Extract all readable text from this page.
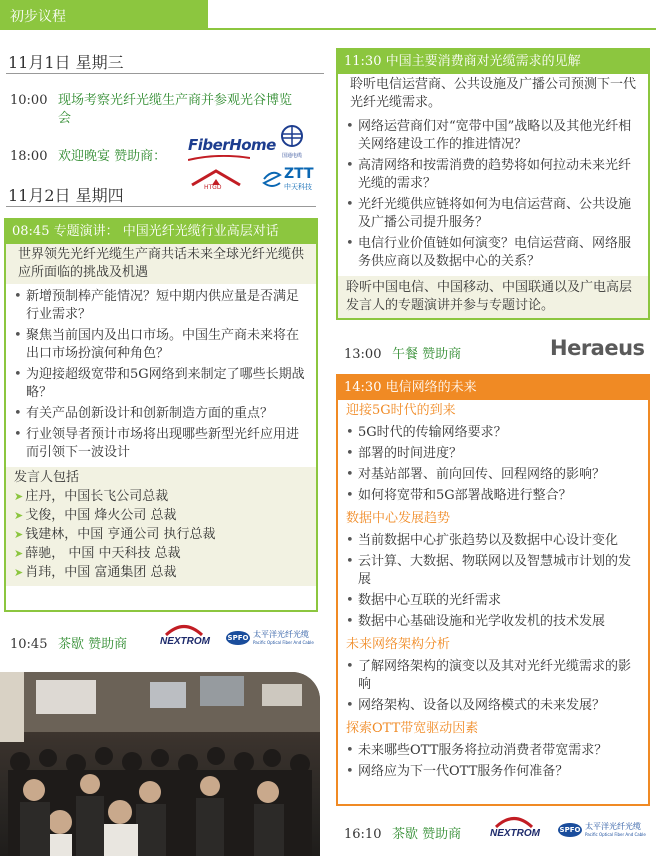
初步议程
11月1日 星期三
10:00 现场考察光纤光缆生产商并参观光谷博览会
18:00 欢迎晚宴 赞助商：
FiberHome
国通电缆
HTGD
ZTT
中天科技
11月2日 星期四
08:45 专题演讲： 中国光纤光缆行业高层对话
世界领先光纤光缆生产商共话未来全球光纤光缆供应所面临的挑战及机遇
• 新增预制棒产能情况？短中期内供应量是否满足行业需求？
• 聚焦当前国内及出口市场。中国生产商未来将在出口市场扮演何种角色？
• 为迎接超级宽带和5G网络到来制定了哪些长期战略？
• 有关产品创新设计和创新制造方面的重点？
• 行业领导者预计市场将出现哪些新型光纤应用进而引领下一波设计
发言人包括
➤ 庄丹，中国长飞公司总裁
➤ 戈俊，中国 烽火公司 总裁
➤ 钱建林，中国 亨通公司 执行总裁
➤ 薛驰， 中国 中天科技 总裁
➤ 肖玮，中国 富通集团 总裁
10:45 茶歇 赞助商	NEXTROM	SPFO 太平洋光纤光缆
Pacific Optical Fiber And Cable
11:30 中国主要消费商对光缆需求的见解
聆听电信运营商、公共设施及广播公司预测下一代光纤光缆需求。
• 网络运营商们对“宽带中国”战略以及其他光纤相关网络建设工作的推进情况？
• 高清网络和按需消费的趋势将如何拉动未来光纤光缆的需求？
• 光纤光缆供应链将如何为电信运营商、公共设施及广播公司提升服务？
• 电信行业价值链如何演变？电信运营商、网络服务供应商以及数据中心的关系？
聆听中国电信、中国移动、中国联通以及广电高层发言人的专题演讲并参与专题讨论。
13:00 午餐 赞助商	Heraeus
14:30 电信网络的未来
迎接5G时代的到来
• 5G时代的传输网络要求？
• 部署的时间进度？
• 对基站部署、前向回传、回程网络的影响？
• 如何将宽带和5G部署战略进行整合？
数据中心发展趋势
• 当前数据中心扩张趋势以及数据中心设计变化
• 云计算、大数据、物联网以及智慧城市计划的发展
• 数据中心互联的光纤需求
• 数据中心基础设施和光学收发机的技术发展
未来网络架构分析
• 了解网络架构的演变以及其对光纤光缆需求的影响
• 网络架构、设备以及网络模式的未来发展？
探索OTT带宽驱动因素
• 未来哪些OTT服务将拉动消费者带宽需求？
• 网络应为下一代OTT服务作何准备？
16:10 茶歇 赞助商	NEXTROM	SPFO 太平洋光纤光缆
Pacific Optical Fiber And Cable
